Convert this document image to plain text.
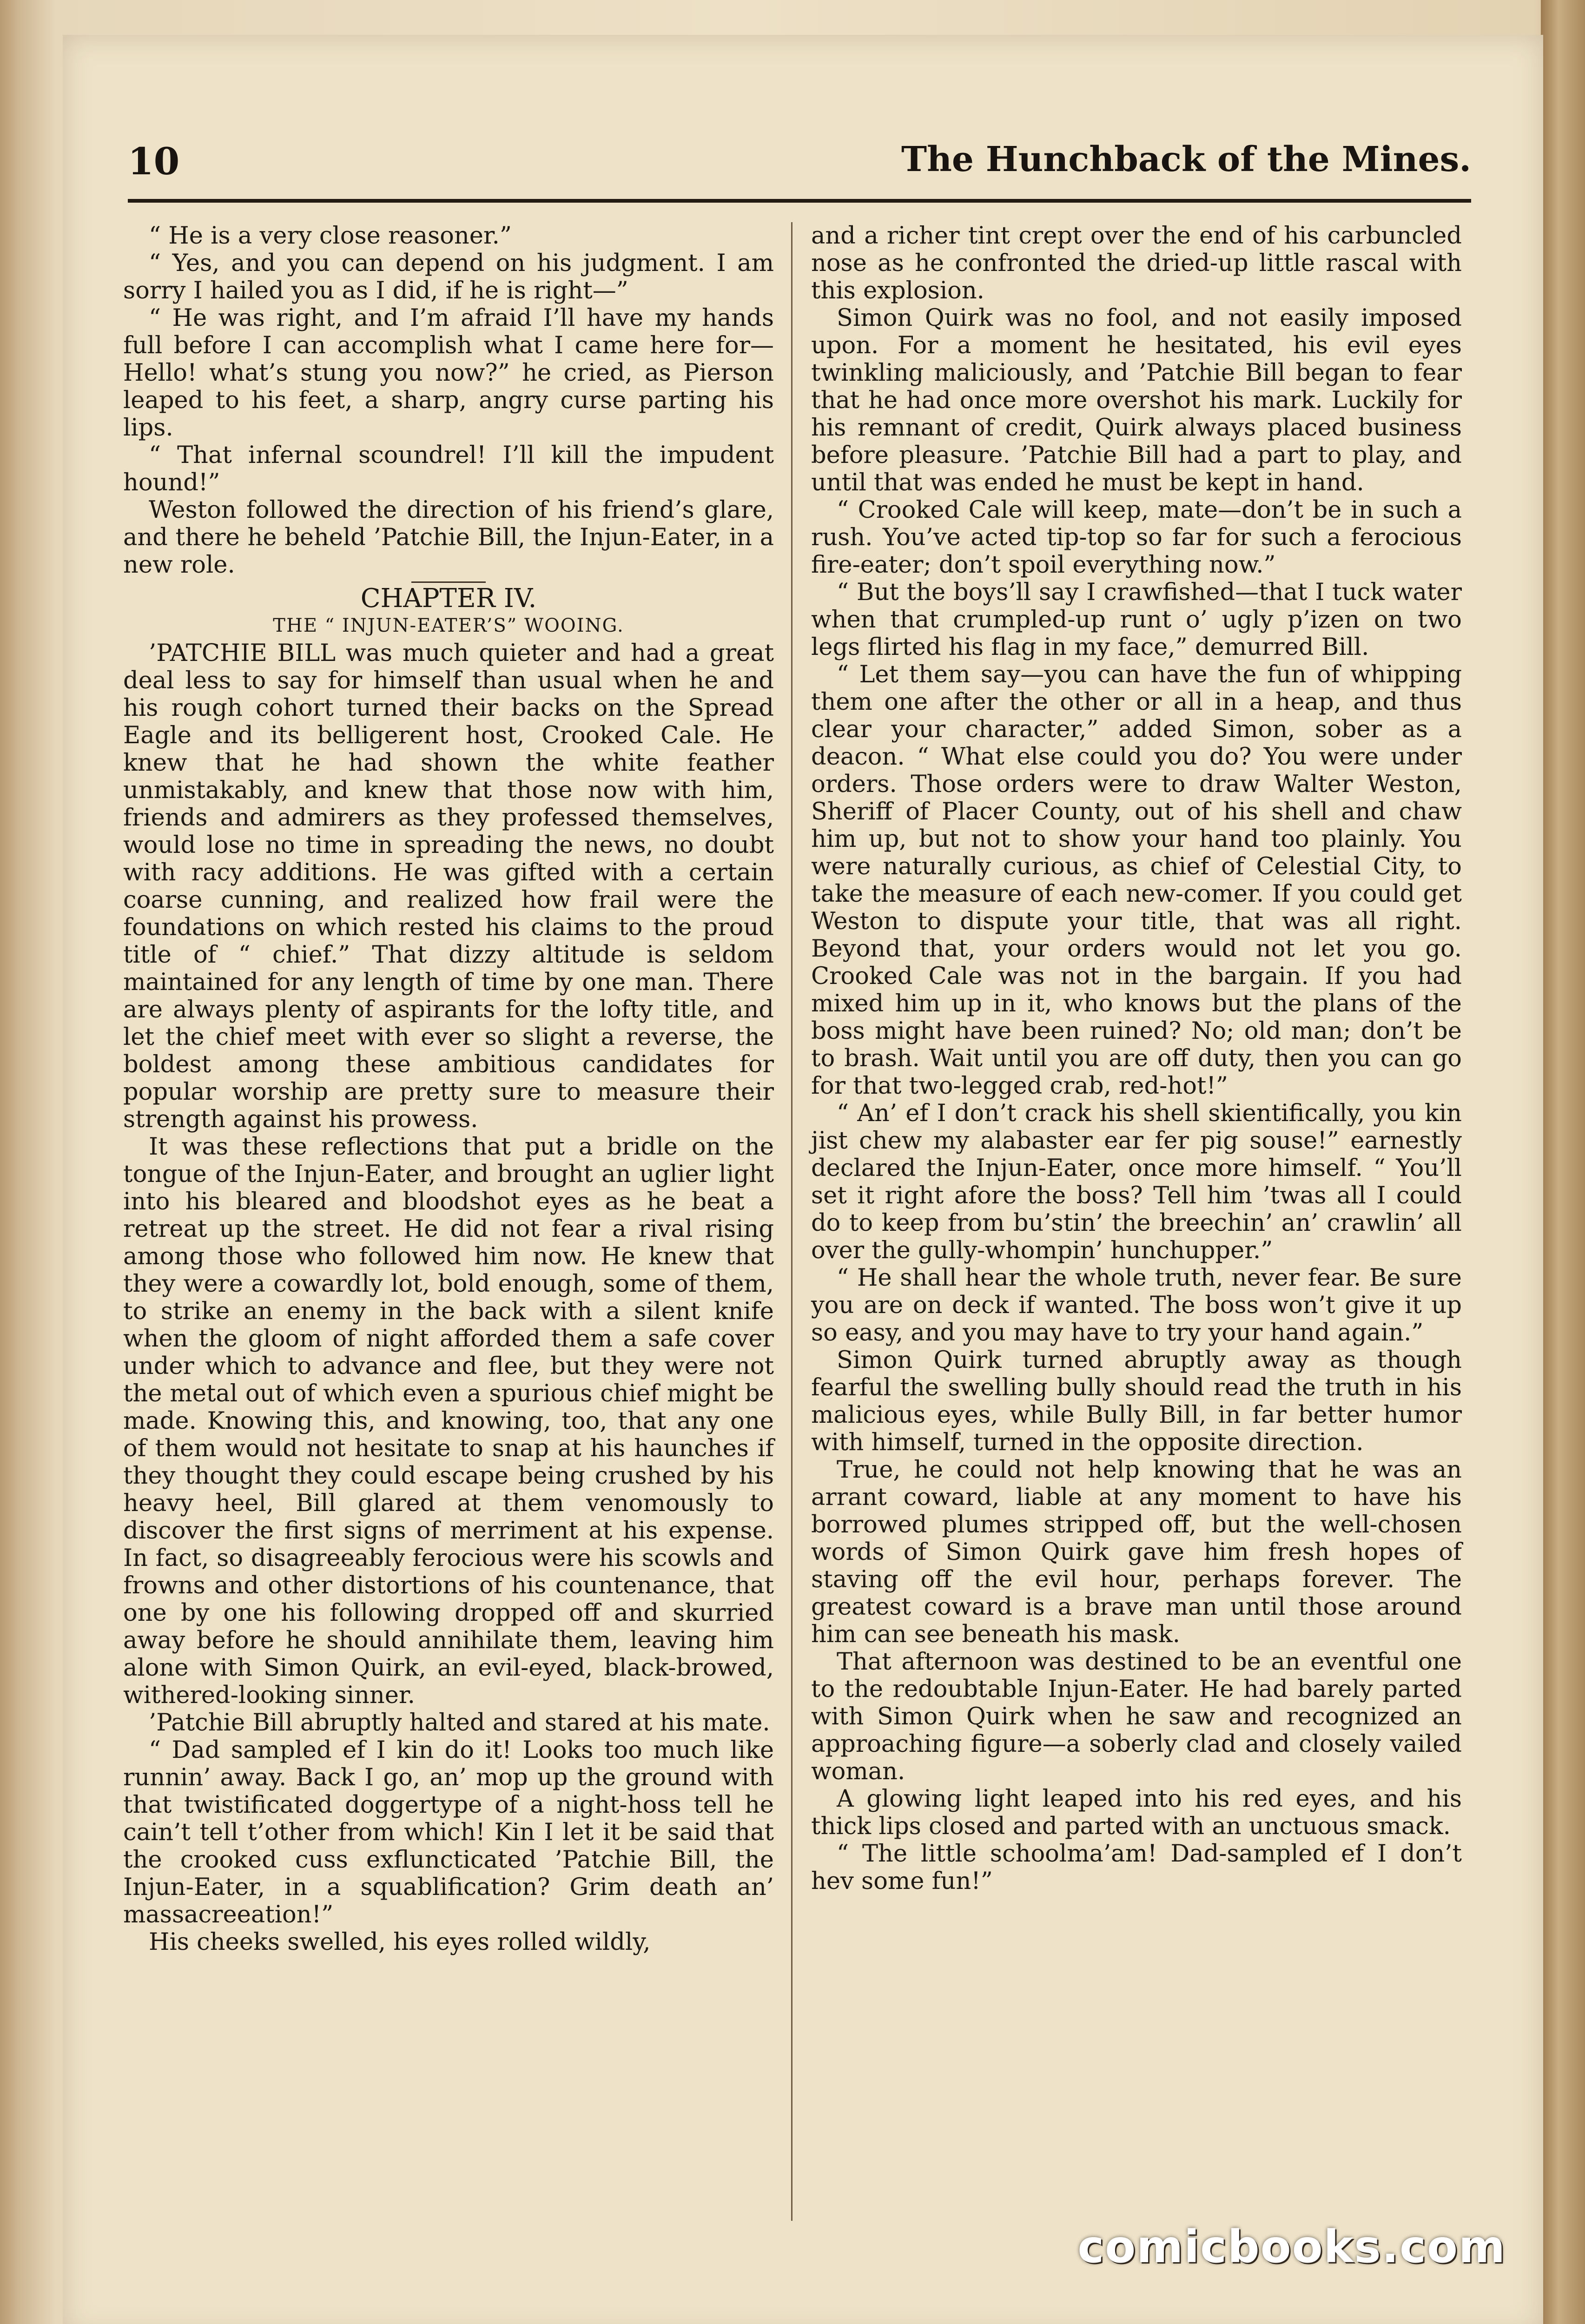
10	The Hunchback of the Mines.

“ He is a very close reasoner.”

“ Yes, and you can depend on his judgment. I am sorry I hailed you as I did, if he is right—”

“ He was right, and I’m afraid I’ll have my hands full before I can accomplish what I came here for— Hello! what’s stung you now?” he cried, as Pierson leaped to his feet, a sharp, angry curse parting his lips.

“ That infernal scoundrel! I’ll kill the impudent hound!”

Weston followed the direction of his friend’s glare, and there he beheld ’Patchie Bill, the Injun-Eater, in a new role.

CHAPTER IV.

THE “ INJUN-EATER’S” WOOING.

’PATCHIE BILL was much quieter and had a great deal less to say for himself than usual when he and his rough cohort turned their backs on the Spread Eagle and its belligerent host, Crooked Cale. He knew that he had shown the white feather unmistakably, and knew that those now with him, friends and admirers as they professed themselves, would lose no time in spreading the news, no doubt with racy additions. He was gifted with a certain coarse cunning, and realized how frail were the foundations on which rested his claims to the proud title of “ chief.” That dizzy altitude is seldom maintained for any length of time by one man. There are always plenty of aspirants for the lofty title, and let the chief meet with ever so slight a reverse, the boldest among these ambitious candidates for popular worship are pretty sure to measure their strength against his prowess.

It was these reflections that put a bridle on the tongue of the Injun-Eater, and brought an uglier light into his bleared and bloodshot eyes as he beat a retreat up the street. He did not fear a rival rising among those who followed him now. He knew that they were a cowardly lot, bold enough, some of them, to strike an enemy in the back with a silent knife when the gloom of night afforded them a safe cover under which to advance and flee, but they were not the metal out of which even a spurious chief might be made. Knowing this, and knowing, too, that any one of them would not hesitate to snap at his haunches if they thought they could escape being crushed by his heavy heel, Bill glared at them venomously to discover the first signs of merriment at his expense. In fact, so disagreeably ferocious were his scowls and frowns and other distortions of his countenance, that one by one his following dropped off and skurried away before he should annihilate them, leaving him alone with Simon Quirk, an evil-eyed, black-browed, withered-looking sinner.

’Patchie Bill abruptly halted and stared at his mate.

“ Dad sampled ef I kin do it! Looks too much like runnin’ away. Back I go, an’ mop up the ground with that twistificated doggertype of a night-hoss tell he cain’t tell t’other from which! Kin I let it be said that the crooked cuss exfluncticated ’Patchie Bill, the Injun-Eater, in a squablification? Grim death an’ massacreeation!”

His cheeks swelled, his eyes rolled wildly,

and a richer tint crept over the end of his carbuncled nose as he confronted the dried-up little rascal with this explosion.

Simon Quirk was no fool, and not easily imposed upon. For a moment he hesitated, his evil eyes twinkling maliciously, and ’Patchie Bill began to fear that he had once more overshot his mark. Luckily for his remnant of credit, Quirk always placed business before pleasure. ’Patchie Bill had a part to play, and until that was ended he must be kept in hand.

“ Crooked Cale will keep, mate—don’t be in such a rush. You’ve acted tip-top so far for such a ferocious fire-eater; don’t spoil everything now.”

“ But the boys’ll say I crawfished—that I tuck water when that crumpled-up runt o’ ugly p’izen on two legs flirted his flag in my face,” demurred Bill.

“ Let them say—you can have the fun of whipping them one after the other or all in a heap, and thus clear your character,” added Simon, sober as a deacon. “ What else could you do? You were under orders. Those orders were to draw Walter Weston, Sheriff of Placer County, out of his shell and chaw him up, but not to show your hand too plainly. You were naturally curious, as chief of Celestial City, to take the measure of each new-comer. If you could get Weston to dispute your title, that was all right. Beyond that, your orders would not let you go. Crooked Cale was not in the bargain. If you had mixed him up in it, who knows but the plans of the boss might have been ruined? No; old man; don’t be to brash. Wait until you are off duty, then you can go for that two-legged crab, red-hot!”

“ An’ ef I don’t crack his shell skientifically, you kin jist chew my alabaster ear fer pig souse!” earnestly declared the Injun-Eater, once more himself. “ You’ll set it right afore the boss? Tell him ’twas all I could do to keep from bu’stin’ the breechin’ an’ crawlin’ all over the gully-whompin’ hunchupper.”

“ He shall hear the whole truth, never fear. Be sure you are on deck if wanted. The boss won’t give it up so easy, and you may have to try your hand again.”

Simon Quirk turned abruptly away as though fearful the swelling bully should read the truth in his malicious eyes, while Bully Bill, in far better humor with himself, turned in the opposite direction.

True, he could not help knowing that he was an arrant coward, liable at any moment to have his borrowed plumes stripped off, but the well-chosen words of Simon Quirk gave him fresh hopes of staving off the evil hour, perhaps forever. The greatest coward is a brave man until those around him can see beneath his mask.

That afternoon was destined to be an eventful one to the redoubtable Injun-Eater. He had barely parted with Simon Quirk when he saw and recognized an approaching figure—a soberly clad and closely vailed woman.

A glowing light leaped into his red eyes, and his thick lips closed and parted with an unctuous smack.

“ The little schoolma’am! Dad-sampled ef I don’t hev some fun!”

comicbooks.com
